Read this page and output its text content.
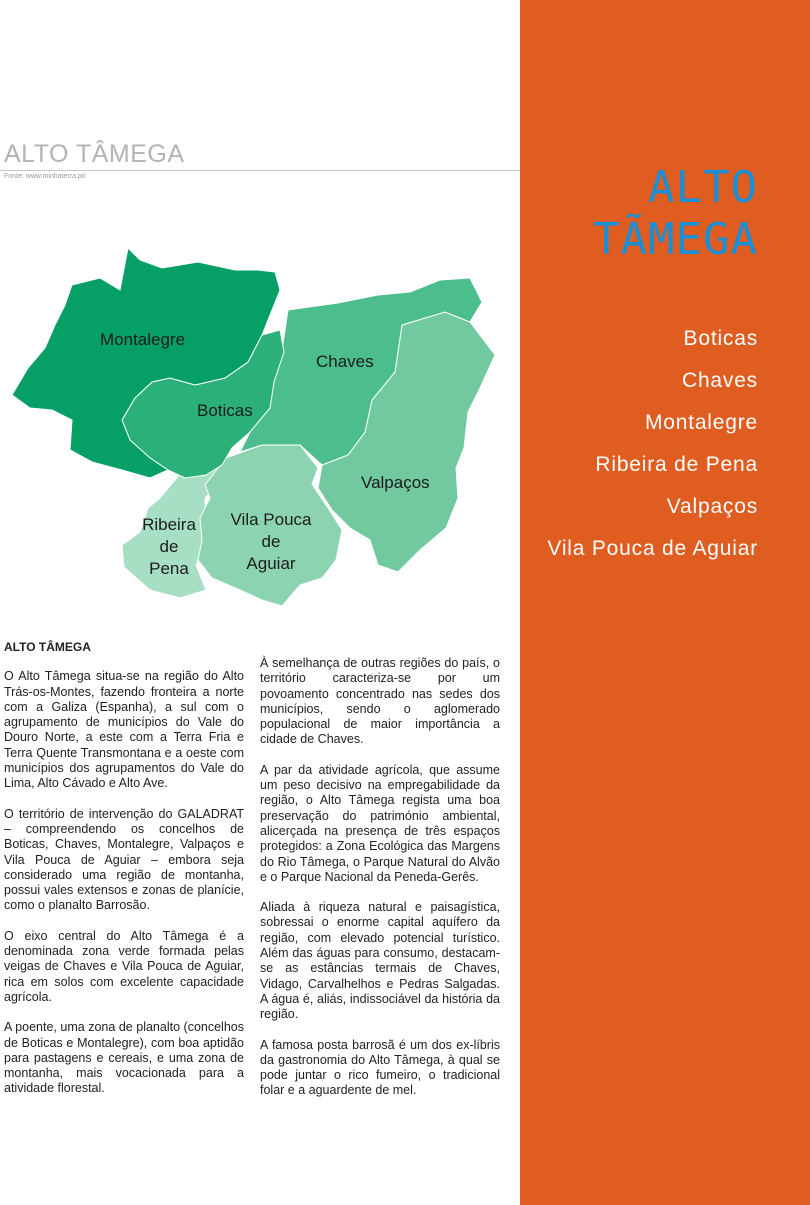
ALTO
TÃMEGA
Boticas
Chaves
Montalegre
Ribeira de Pena
Valpaços
Vila Pouca de Aguiar
ALTO TÂMEGA
Fonte: www.minhaterra.pt/
Montalegre
Chaves
Boticas
Valpaços
Vila Pouca
de
Aguiar
Ribeira
de
Pena
ALTO TÂMEGA

O Alto Tâmega situa-se na região do Alto Trás-os-Montes, fazendo fronteira a norte com a Galiza (Espanha), a sul com o agrupamento de municípios do Vale do Douro Norte, a este com a Terra Fria e Terra Quente Transmontana e a oeste com municípios dos agrupamentos do Vale do Lima, Alto Cávado e Alto Ave.

O território de intervenção do GALADRAT – compreendendo os concelhos de Boticas, Chaves, Montalegre, Valpaços e Vila Pouca de Aguiar – embora seja considerado uma região de montanha, possui vales extensos e zonas de planície, como o planalto Barrosão.

O eixo central do Alto Tâmega é a denominada zona verde formada pelas veigas de Chaves e Vila Pouca de Aguiar, rica em solos com excelente capacidade agrícola.

A poente, uma zona de planalto (concelhos de Boticas e Montalegre), com boa aptidão para pastagens e cereais, e uma zona de montanha, mais vocacionada para a atividade florestal.

À semelhança de outras regiões do país, o território caracteriza-se por um povoamento concentrado nas sedes dos municípios, sendo o aglomerado populacional de maior importância a cidade de Chaves.

A par da atividade agrícola, que assume um peso decisivo na empregabilidade da região, o Alto Tâmega regista uma boa preservação do património ambiental, alicerçada na presença de três espaços protegidos: a Zona Ecológica das Margens do Rio Tâmega, o Parque Natural do Alvão e o Parque Nacional da Peneda-Gerês.

Aliada à riqueza natural e paisagística, sobressai o enorme capital aquífero da região, com elevado potencial turístico. Além das águas para consumo, destacam-se as estâncias termais de Chaves, Vidago, Carvalhelhos e Pedras Salgadas. A água é, aliás, indissociável da história da região.

A famosa posta barrosã é um dos ex-líbris da gastronomia do Alto Tâmega, à qual se pode juntar o rico fumeiro, o tradicional folar e a aguardente de mel.
